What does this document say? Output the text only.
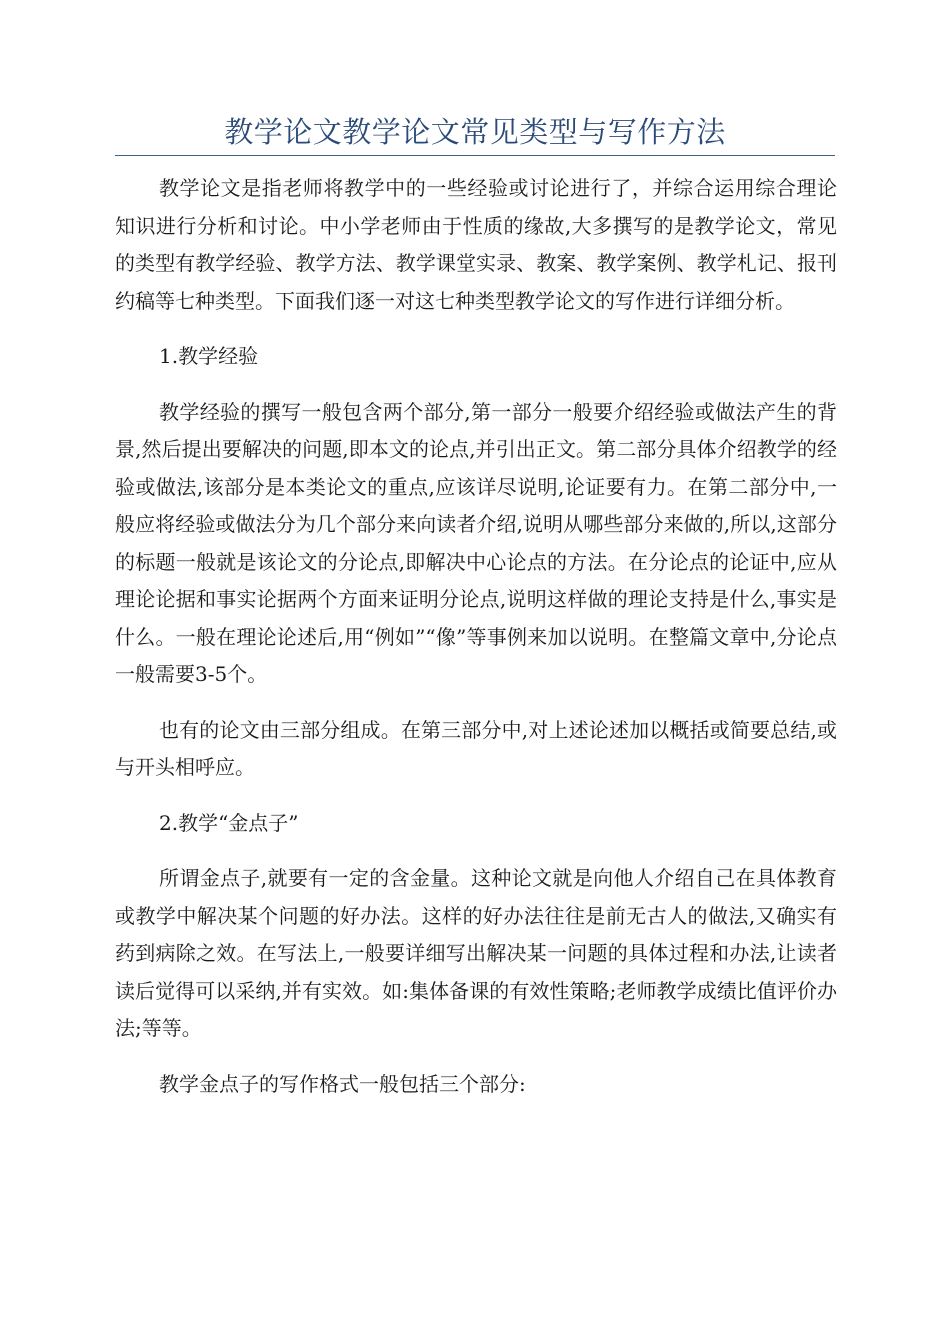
教学论文教学论文常见类型与写作方法

教学论文是指老师将教学中的一些经验或讨论进行了，并综合运用综合理论知识进行分析和讨论。中小学老师由于性质的缘故,大多撰写的是教学论文，常见的类型有教学经验、教学方法、教学课堂实录、教案、教学案例、教学札记、报刊约稿等七种类型。下面我们逐一对这七种类型教学论文的写作进行详细分析。

1.教学经验

教学经验的撰写一般包含两个部分,第一部分一般要介绍经验或做法产生的背景,然后提出要解决的问题,即本文的论点,并引出正文。第二部分具体介绍教学的经验或做法,该部分是本类论文的重点,应该详尽说明,论证要有力。在第二部分中,一般应将经验或做法分为几个部分来向读者介绍,说明从哪些部分来做的,所以,这部分的标题一般就是该论文的分论点,即解决中心论点的方法。在分论点的论证中,应从理论论据和事实论据两个方面来证明分论点,说明这样做的理论支持是什么,事实是什么。一般在理论论述后,用“例如”“像”等事例来加以说明。在整篇文章中,分论点一般需要3-5个。

也有的论文由三部分组成。在第三部分中,对上述论述加以概括或简要总结,或与开头相呼应。

2.教学“金点子”

所谓金点子,就要有一定的含金量。这种论文就是向他人介绍自己在具体教育或教学中解决某个问题的好办法。这样的好办法往往是前无古人的做法,又确实有药到病除之效。在写法上,一般要详细写出解决某一问题的具体过程和办法,让读者读后觉得可以采纳,并有实效。如:集体备课的有效性策略;老师教学成绩比值评价办法;等等。

教学金点子的写作格式一般包括三个部分:
